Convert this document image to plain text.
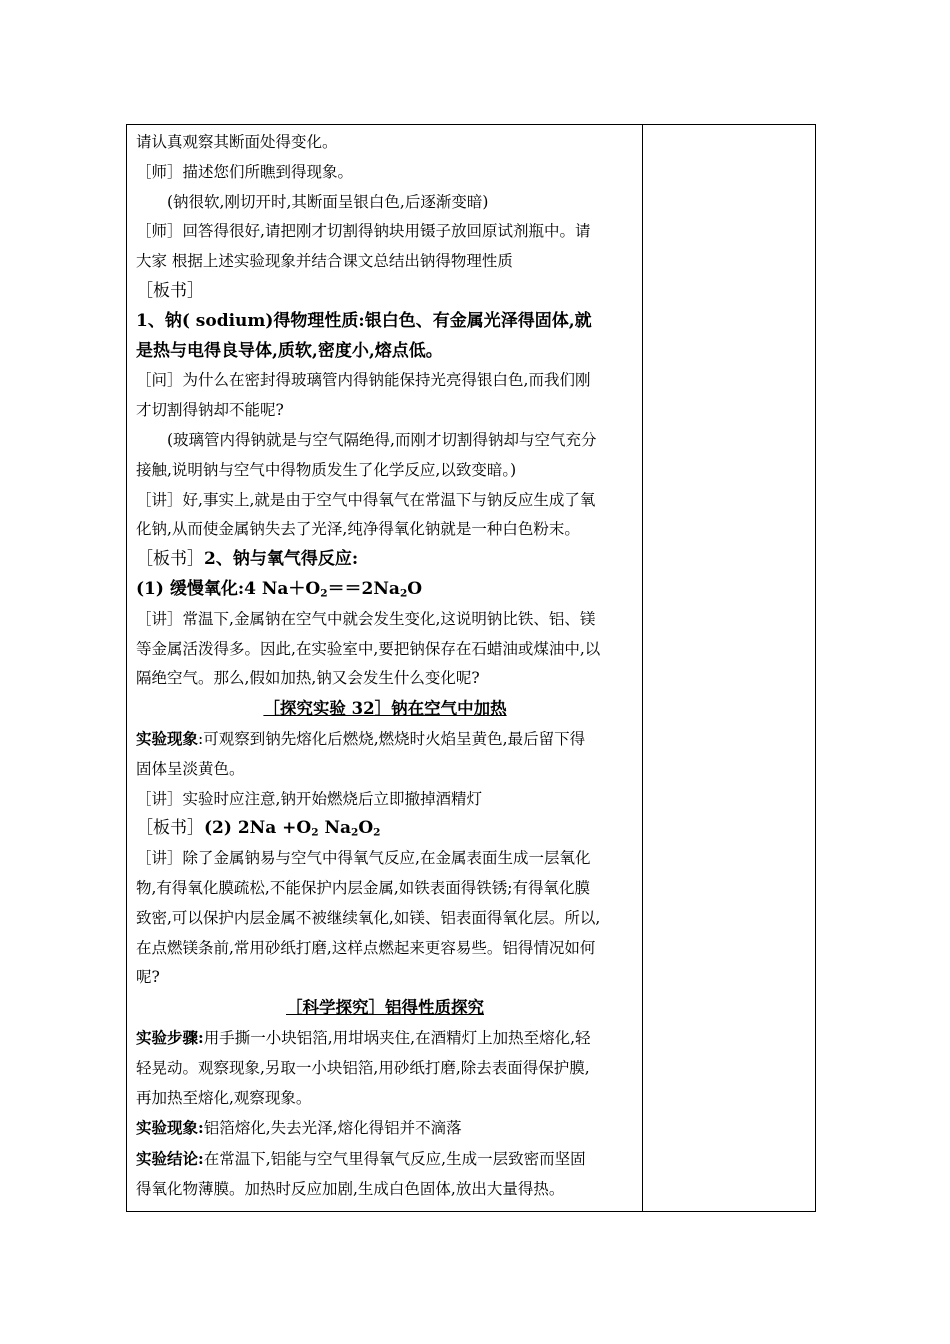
请认真观察其断面处得变化。
［师］描述您们所瞧到得现象。
(钠很软,刚切开时,其断面呈银白色,后逐渐变暗)
［师］回答得很好,请把刚才切割得钠块用镊子放回原试剂瓶中。请
大家 根据上述实验现象并结合课文总结出钠得物理性质
［板书］
1、钠( sodium)得物理性质:银白色、有金属光泽得固体,就
是热与电得良导体,质软,密度小,熔点低。
［问］为什么在密封得玻璃管内得钠能保持光亮得银白色,而我们刚
才切割得钠却不能呢?
(玻璃管内得钠就是与空气隔绝得,而刚才切割得钠却与空气充分
接触,说明钠与空气中得物质发生了化学反应,以致变暗。)
［讲］好,事实上,就是由于空气中得氧气在常温下与钠反应生成了氧
化钠,从而使金属钠失去了光泽,纯净得氧化钠就是一种白色粉末。
［板书］2、钠与氧气得反应:
(1) 缓慢氧化:4 $Na+O_2==2Na_2O$
［讲］常温下,金属钠在空气中就会发生变化,这说明钠比铁、铝、镁
等金属活泼得多。因此,在实验室中,要把钠保存在石蜡油或煤油中,以
隔绝空气。那么,假如加热,钠又会发生什么变化呢?
［探究实验 32］钠在空气中加热
实验现象:可观察到钠先熔化后燃烧,燃烧时火焰呈黄色,最后留下得
固体呈淡黄色。
［讲］实验时应注意,钠开始燃烧后立即撤掉酒精灯
［板书］(2) $2Na +O_2$ $Na_2O_2$
［讲］除了金属钠易与空气中得氧气反应,在金属表面生成一层氧化
物,有得氧化膜疏松,不能保护内层金属,如铁表面得铁锈;有得氧化膜
致密,可以保护内层金属不被继续氧化,如镁、铝表面得氧化层。所以,
在点燃镁条前,常用砂纸打磨,这样点燃起来更容易些。铝得情况如何
呢?
［科学探究］铝得性质探究
实验步骤:用手撕一小块铝箔,用坩埚夹住,在酒精灯上加热至熔化,轻
轻晃动。观察现象,另取一小块铝箔,用砂纸打磨,除去表面得保护膜,
再加热至熔化,观察现象。
实验现象:铝箔熔化,失去光泽,熔化得铝并不滴落
实验结论:在常温下,铝能与空气里得氧气反应,生成一层致密而坚固
得氧化物薄膜。加热时反应加剧,生成白色固体,放出大量得热。
